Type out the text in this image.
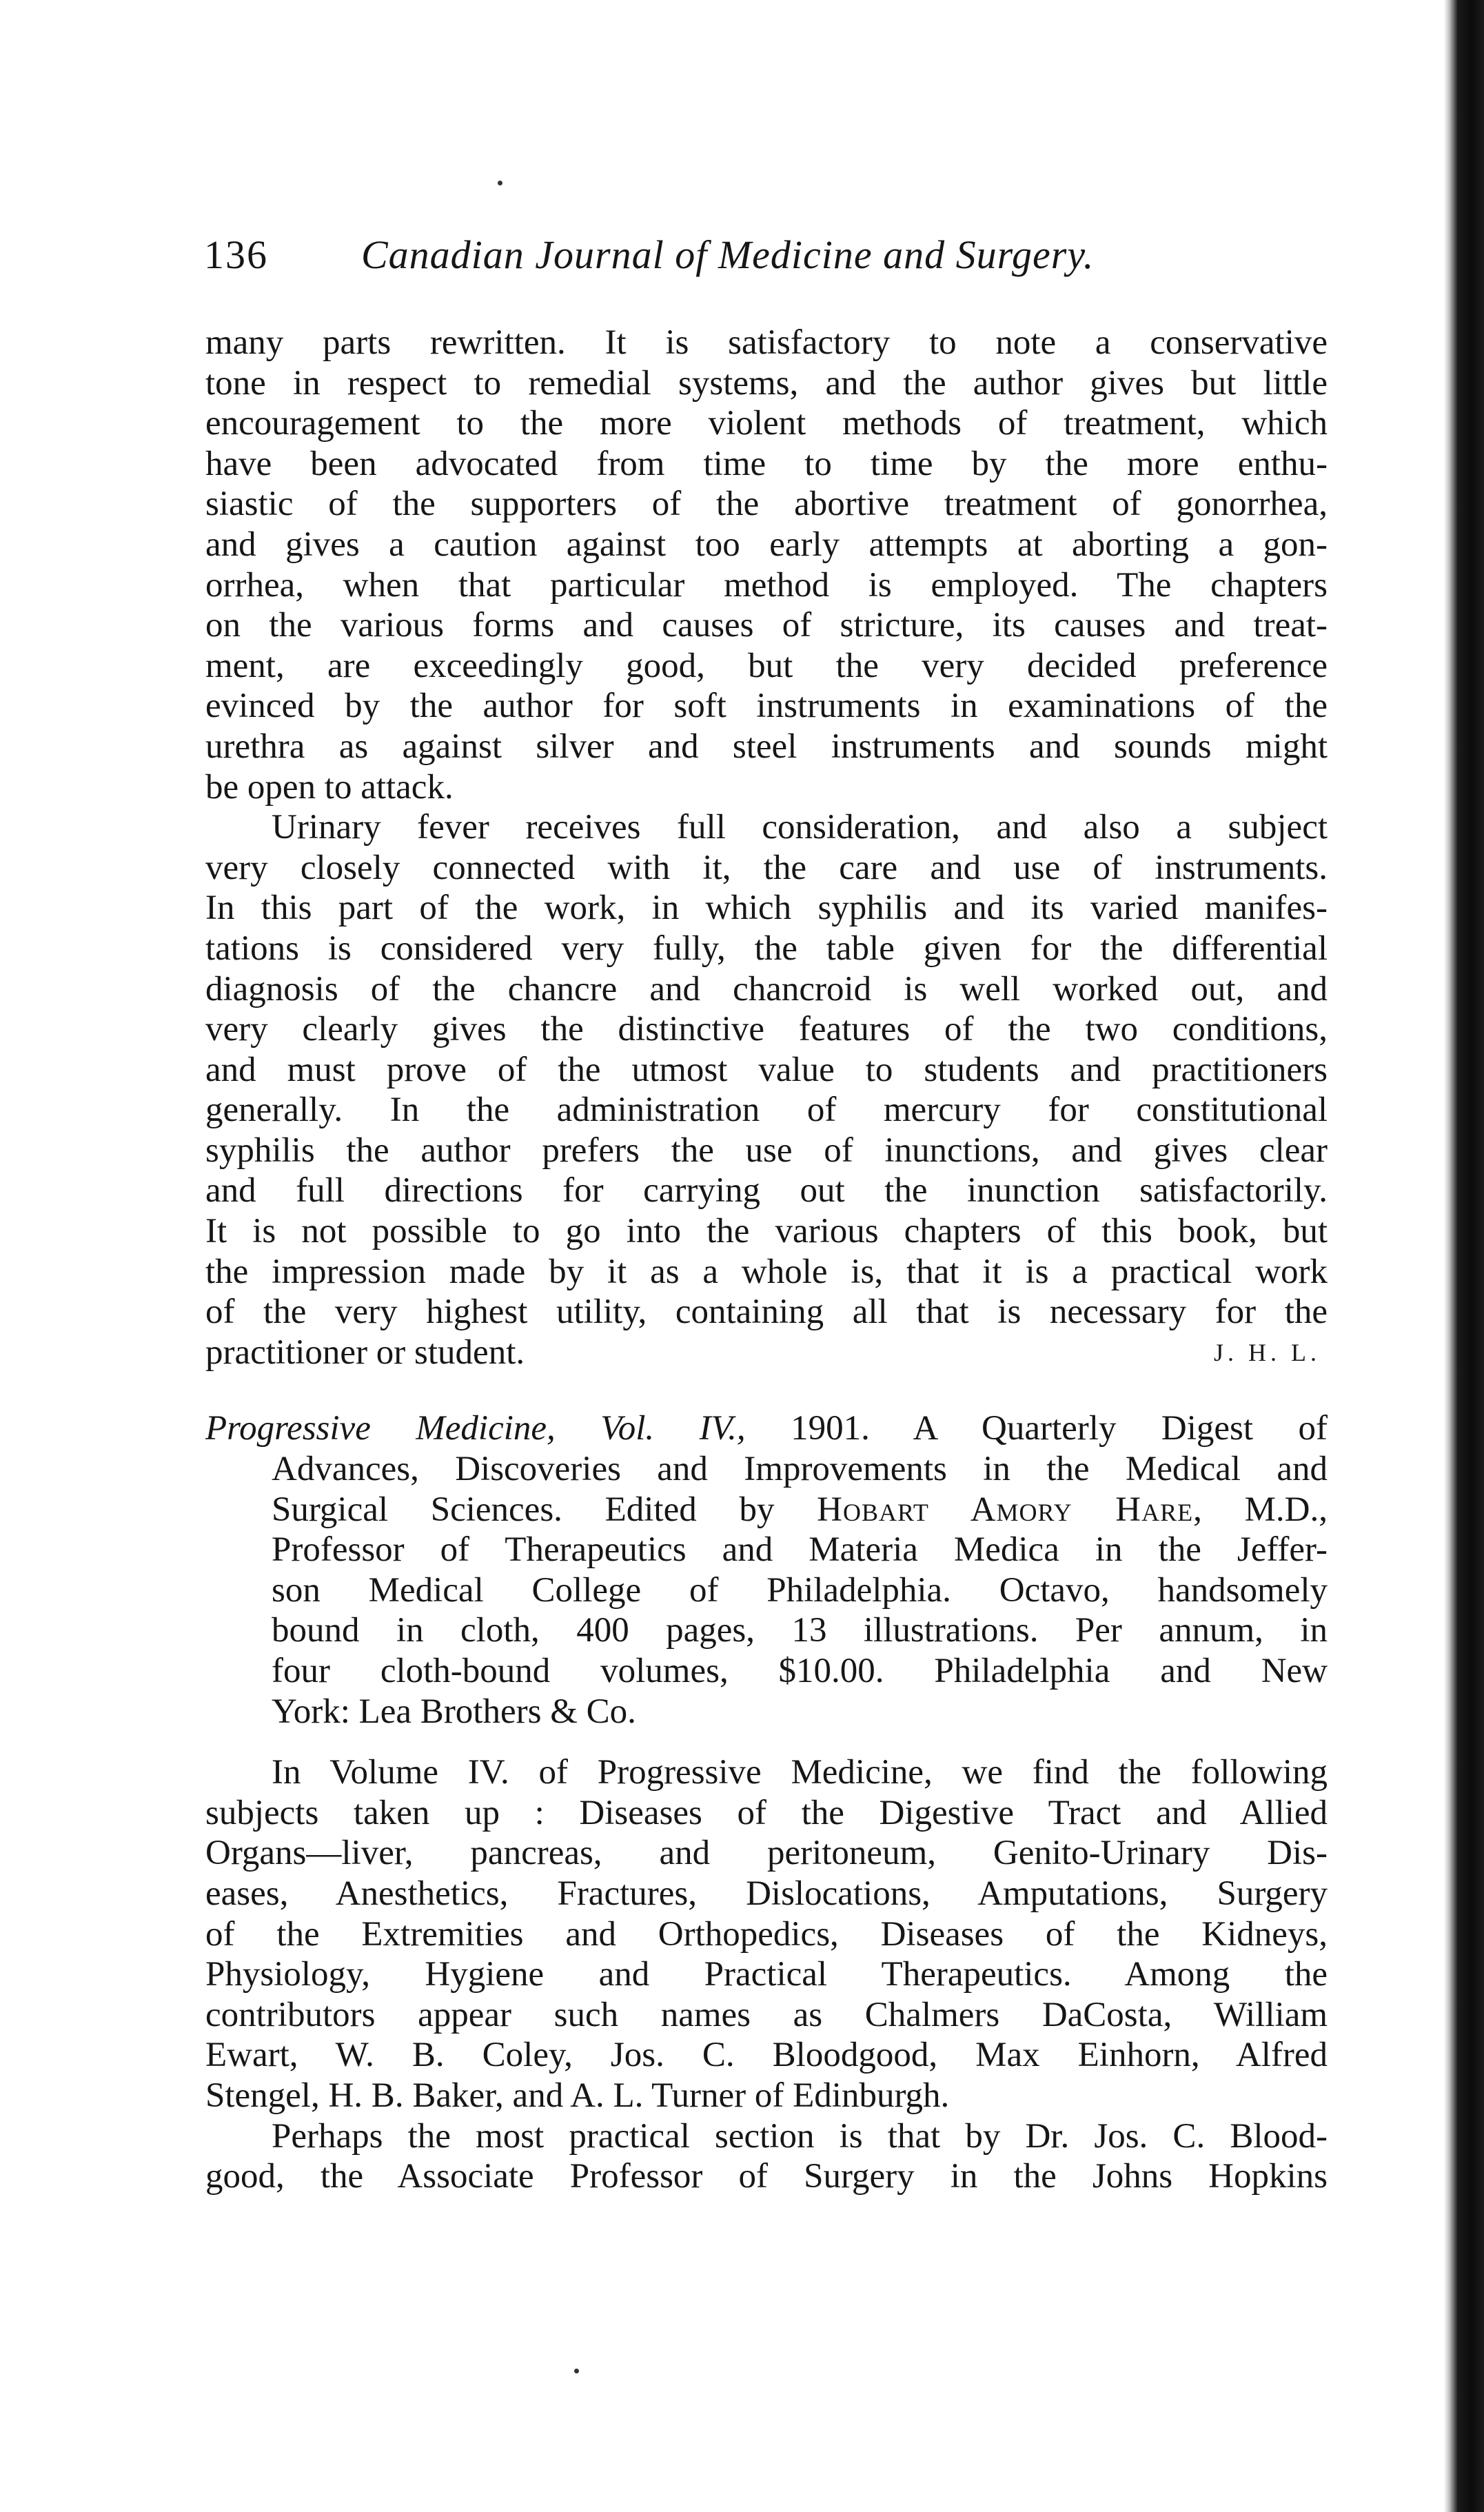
136 Canadian Journal of Medicine and Surgery.
many parts rewritten. It is satisfactory to note a conservative
tone in respect to remedial systems, and the author gives but little
encouragement to the more violent methods of treatment, which
have been advocated from time to time by the more enthu-
siastic of the supporters of the abortive treatment of gonorrhea,
and gives a caution against too early attempts at aborting a gon-
orrhea, when that particular method is employed. The chapters
on the various forms and causes of stricture, its causes and treat-
ment, are exceedingly good, but the very decided preference
evinced by the author for soft instruments in examinations of the
urethra as against silver and steel instruments and sounds might
be open to attack.
Urinary fever receives full consideration, and also a subject
very closely connected with it, the care and use of instruments.
In this part of the work, in which syphilis and its varied manifes-
tations is considered very fully, the table given for the differential
diagnosis of the chancre and chancroid is well worked out, and
very clearly gives the distinctive features of the two conditions,
and must prove of the utmost value to students and practitioners
generally. In the administration of mercury for constitutional
syphilis the author prefers the use of inunctions, and gives clear
and full directions for carrying out the inunction satisfactorily.
It is not possible to go into the various chapters of this book, but
the impression made by it as a whole is, that it is a practical work
of the very highest utility, containing all that is necessary for the
practitioner or student.	J. H. L.
Progressive Medicine, Vol. IV., 1901. A Quarterly Digest of
Advances, Discoveries and Improvements in the Medical and
Surgical Sciences. Edited by Hobart Amory Hare, M.D.,
Professor of Therapeutics and Materia Medica in the Jeffer-
son Medical College of Philadelphia. Octavo, handsomely
bound in cloth, 400 pages, 13 illustrations. Per annum, in
four cloth-bound volumes, $10.00. Philadelphia and New
York: Lea Brothers & Co.
In Volume IV. of Progressive Medicine, we find the following
subjects taken up : Diseases of the Digestive Tract and Allied
Organs—liver, pancreas, and peritoneum, Genito-Urinary Dis-
eases, Anesthetics, Fractures, Dislocations, Amputations, Surgery
of the Extremities and Orthopedics, Diseases of the Kidneys,
Physiology, Hygiene and Practical Therapeutics. Among the
contributors appear such names as Chalmers DaCosta, William
Ewart, W. B. Coley, Jos. C. Bloodgood, Max Einhorn, Alfred
Stengel, H. B. Baker, and A. L. Turner of Edinburgh.
Perhaps the most practical section is that by Dr. Jos. C. Blood-
good, the Associate Professor of Surgery in the Johns Hopkins
